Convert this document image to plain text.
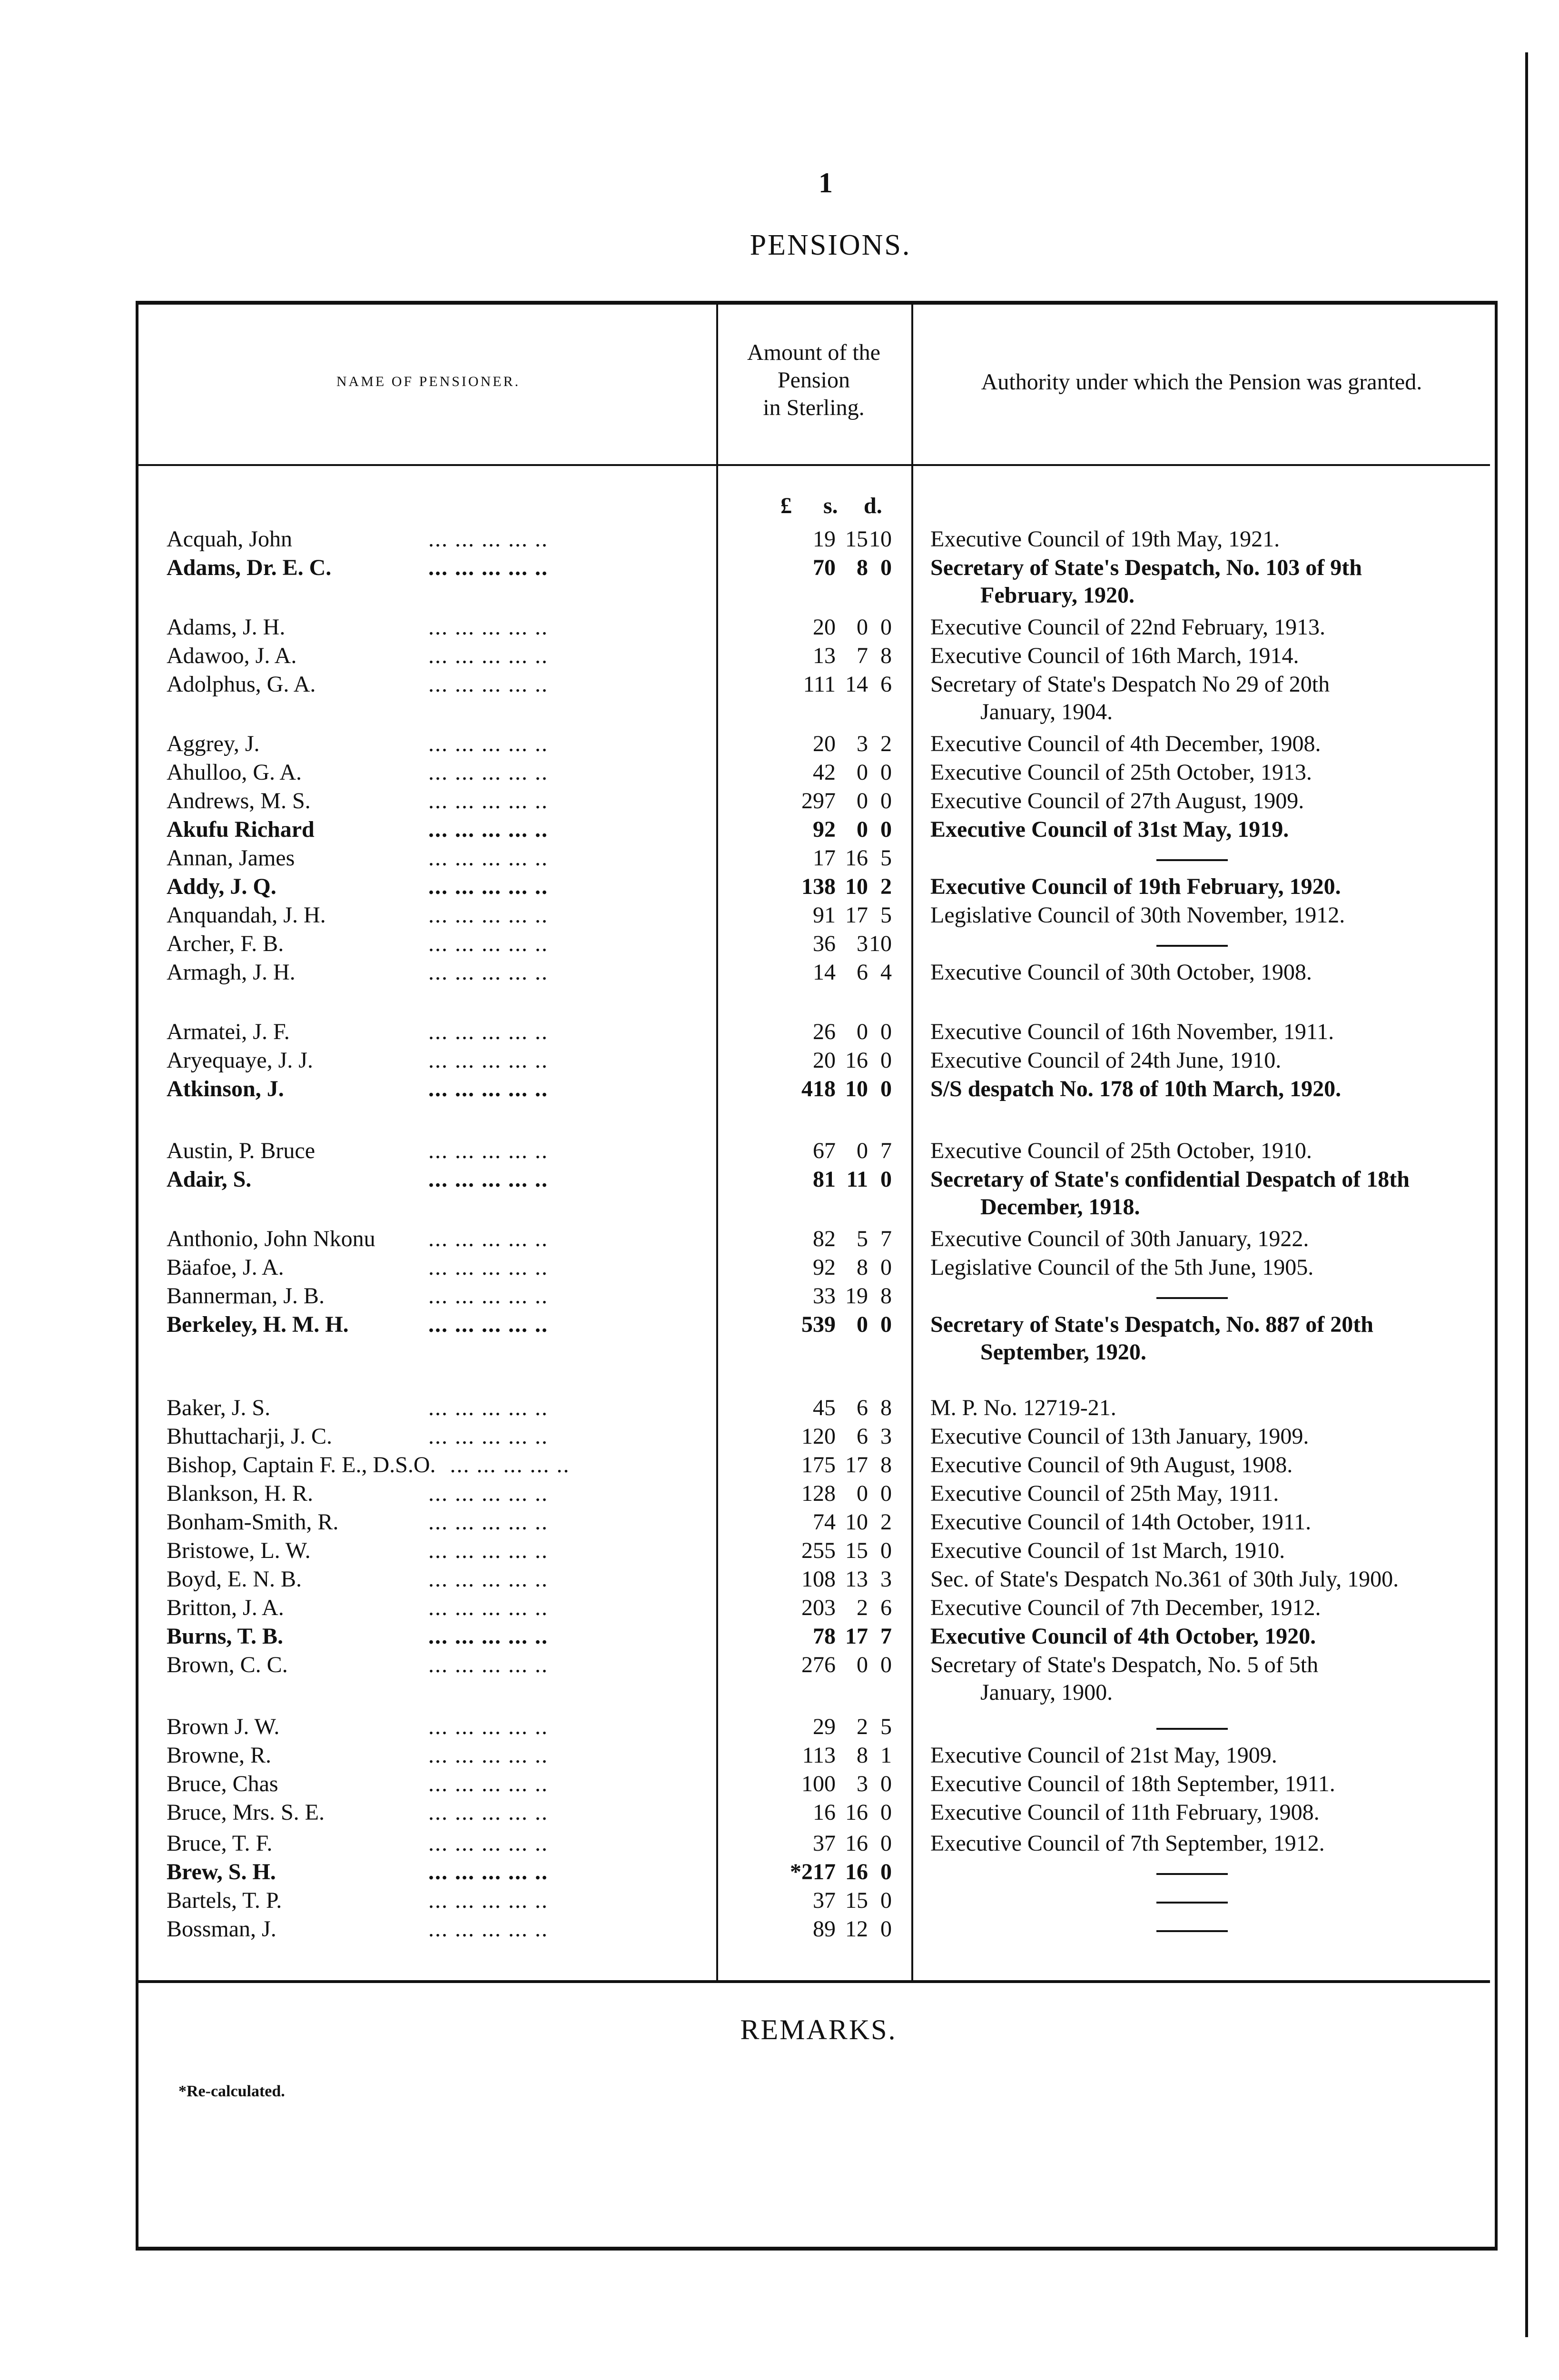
1
PENSIONS.
NAME OF PENSIONER.
Amount of the
Pension
in Sterling.
Authority under which the Pension was granted.
£ s. d.
Acquah, John	... ... ... ... ..	19 15 10 Executive Council of 19th May, 1921.
Adams, Dr. E. C.	... ... ... ... ..	70 8 0 Secretary of State's Despatch, No. 103 of 9th
February, 1920.
Adams, J. H.	... ... ... ... ..	20 0 0 Executive Council of 22nd February, 1913.
Adawoo, J. A.	... ... ... ... ..	13 7 8 Executive Council of 16th March, 1914.
Adolphus, G. A.	... ... ... ... ..	111 14 6 Secretary of State's Despatch No 29 of 20th
January, 1904.
Aggrey, J.	... ... ... ... ..	20 3 2 Executive Council of 4th December, 1908.
Ahulloo, G. A.	... ... ... ... ..	42 0 0 Executive Council of 25th October, 1913.
Andrews, M. S.	... ... ... ... ..	297 0 0 Executive Council of 27th August, 1909.
Akufu Richard	... ... ... ... ..	92 0 0 Executive Council of 31st May, 1919.
Annan, James	... ... ... ... ..	17 16 5
Addy, J. Q.	... ... ... ... ..	138 10 2 Executive Council of 19th February, 1920.
Anquandah, J. H.	... ... ... ... ..	91 17 5 Legislative Council of 30th November, 1912.
Archer, F. B.	... ... ... ... ..	36 3 10
Armagh, J. H.	... ... ... ... ..	14 6 4 Executive Council of 30th October, 1908.
Armatei, J. F.	... ... ... ... ..	26 0 0 Executive Council of 16th November, 1911.
Aryequaye, J. J.	... ... ... ... ..	20 16 0 Executive Council of 24th June, 1910.
Atkinson, J.	... ... ... ... ..	418 10 0 S/S despatch No. 178 of 10th March, 1920.
Austin, P. Bruce	... ... ... ... ..	67 0 7 Executive Council of 25th October, 1910.
Adair, S.	... ... ... ... ..	81 11 0 Secretary of State's confidential Despatch of 18th
December, 1918.
Anthonio, John Nkonu ... ... ... ... ..	82 5 7 Executive Council of 30th January, 1922.
Bäafoe, J. A.	... ... ... ... ..	92 8 0 Legislative Council of the 5th June, 1905.
Bannerman, J. B.	... ... ... ... ..	33 19 8
Berkeley, H. M. H.	... ... ... ... ..	539 0 0 Secretary of State's Despatch, No. 887 of 20th
September, 1920.
Baker, J. S.	... ... ... ... ..	45 6 8 M. P. No. 12719-21.
Bhuttacharji, J. C.	... ... ... ... ..	120 6 3 Executive Council of 13th January, 1909.
Bishop, Captain F. E., D.S.O. ... ... ... ... ..	175 17 8 Executive Council of 9th August, 1908.
Blankson, H. R.	... ... ... ... ..	128 0 0 Executive Council of 25th May, 1911.
Bonham-Smith, R.	... ... ... ... ..	74 10 2 Executive Council of 14th October, 1911.
Bristowe, L. W.	... ... ... ... ..	255 15 0 Executive Council of 1st March, 1910.
Boyd, E. N. B.	... ... ... ... ..	108 13 3 Sec. of State's Despatch No.361 of 30th July, 1900.
Britton, J. A.	... ... ... ... ..	203 2 6 Executive Council of 7th December, 1912.
Burns, T. B.	... ... ... ... ..	78 17 7 Executive Council of 4th October, 1920.
Brown, C. C.	... ... ... ... ..	276 0 0 Secretary of State's Despatch, No. 5 of 5th
January, 1900.
Brown J. W.	... ... ... ... ..	29 2 5
Browne, R.	... ... ... ... ..	113 8 1 Executive Council of 21st May, 1909.
Bruce, Chas	... ... ... ... ..	100 3 0 Executive Council of 18th September, 1911.
Bruce, Mrs. S. E.	... ... ... ... ..	16 16 0 Executive Council of 11th February, 1908.
Bruce, T. F.	... ... ... ... ..	37 16 0 Executive Council of 7th September, 1912.
Brew, S. H.	... ... ... ... ..	*217 16 0
Bartels, T. P.	... ... ... ... ..	37 15 0
Bossman, J.	... ... ... ... ..	89 12 0
REMARKS.
*Re-calculated.
